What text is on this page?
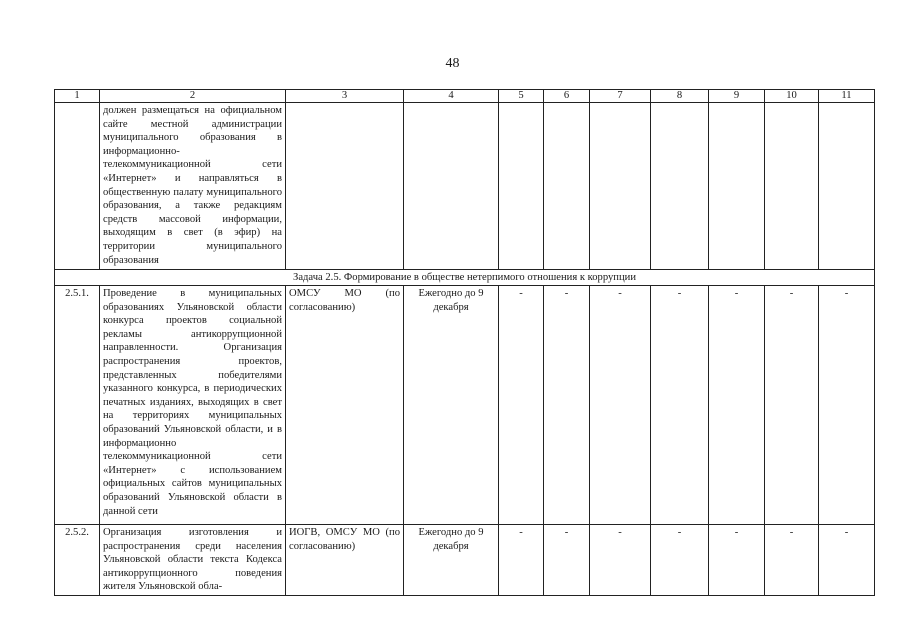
48
1	2	3	4	5	6	7	8	9	10	11
	должен размещаться на официальном сайте местной администрации муниципального образования в информационно-телекоммуникационной сети «Интернет» и направляться в общественную палату муниципального образования, а также редакциям средств массовой информации, выходящим в свет (в эфир) на территории муниципального образования									
Задача 2.5. Формирование в обществе нетерпимого отношения к коррупции										
2.5.1.	Проведение в муниципальных образованиях Ульяновской области конкурса проектов социальной рекламы антикоррупционной направленности. Организация распространения проектов, представленных победителями указанного конкурса, в периодических печатных изданиях, выходящих в свет на территориях муниципальных образований Ульяновской области, и в информационно телекоммуникационной сети «Интернет» с использованием официальных сайтов муниципальных образований Ульяновской области в данной сети	ОМСУ МО (по согласованию)	Ежегодно до 9 декабря	-	-	-	-	-	-	-
2.5.2.	Организация изготовления и распространения среди населения Ульяновской области текста Кодекса антикоррупционного поведения жителя Ульяновской обла-	ИОГВ, ОМСУ МО (по согласованию)	Ежегодно до 9 декабря	-	-	-	-	-	-	-
